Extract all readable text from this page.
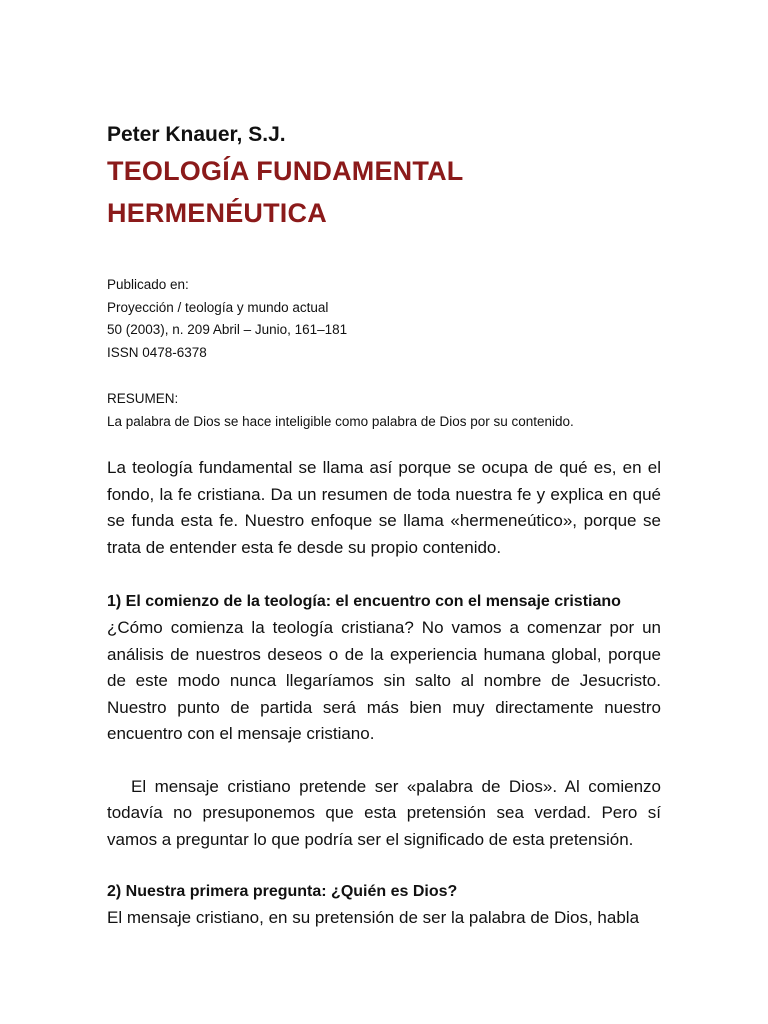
Peter Knauer, S.J.
TEOLOGÍA FUNDAMENTAL
HERMENÉUTICA
Publicado en:
Proyección / teología y mundo actual
50 (2003), n. 209 Abril – Junio, 161–181
ISSN 0478-6378
RESUMEN:
La palabra de Dios se hace inteligible como palabra de Dios por su contenido.

La teología fundamental se llama así porque se ocupa de qué es, en el fondo, la fe cristiana. Da un resumen de toda nuestra fe y explica en qué se funda esta fe. Nuestro enfoque se llama «hermeneútico», porque se trata de entender esta fe desde su propio contenido.

1) El comienzo de la teología: el encuentro con el mensaje cristiano

¿Cómo comienza la teología cristiana? No vamos a comenzar por un análisis de nuestros deseos o de la experiencia humana global, porque de este modo nunca llegaríamos sin salto al nombre de Jesucristo. Nuestro punto de partida será más bien muy directamente nuestro encuentro con el mensaje cristiano.

El mensaje cristiano pretende ser «palabra de Dios». Al comienzo todavía no presuponemos que esta pretensión sea verdad. Pero sí vamos a preguntar lo que podría ser el significado de esta pretensión.

2) Nuestra primera pregunta: ¿Quién es Dios?

El mensaje cristiano, en su pretensión de ser la palabra de Dios, habla
